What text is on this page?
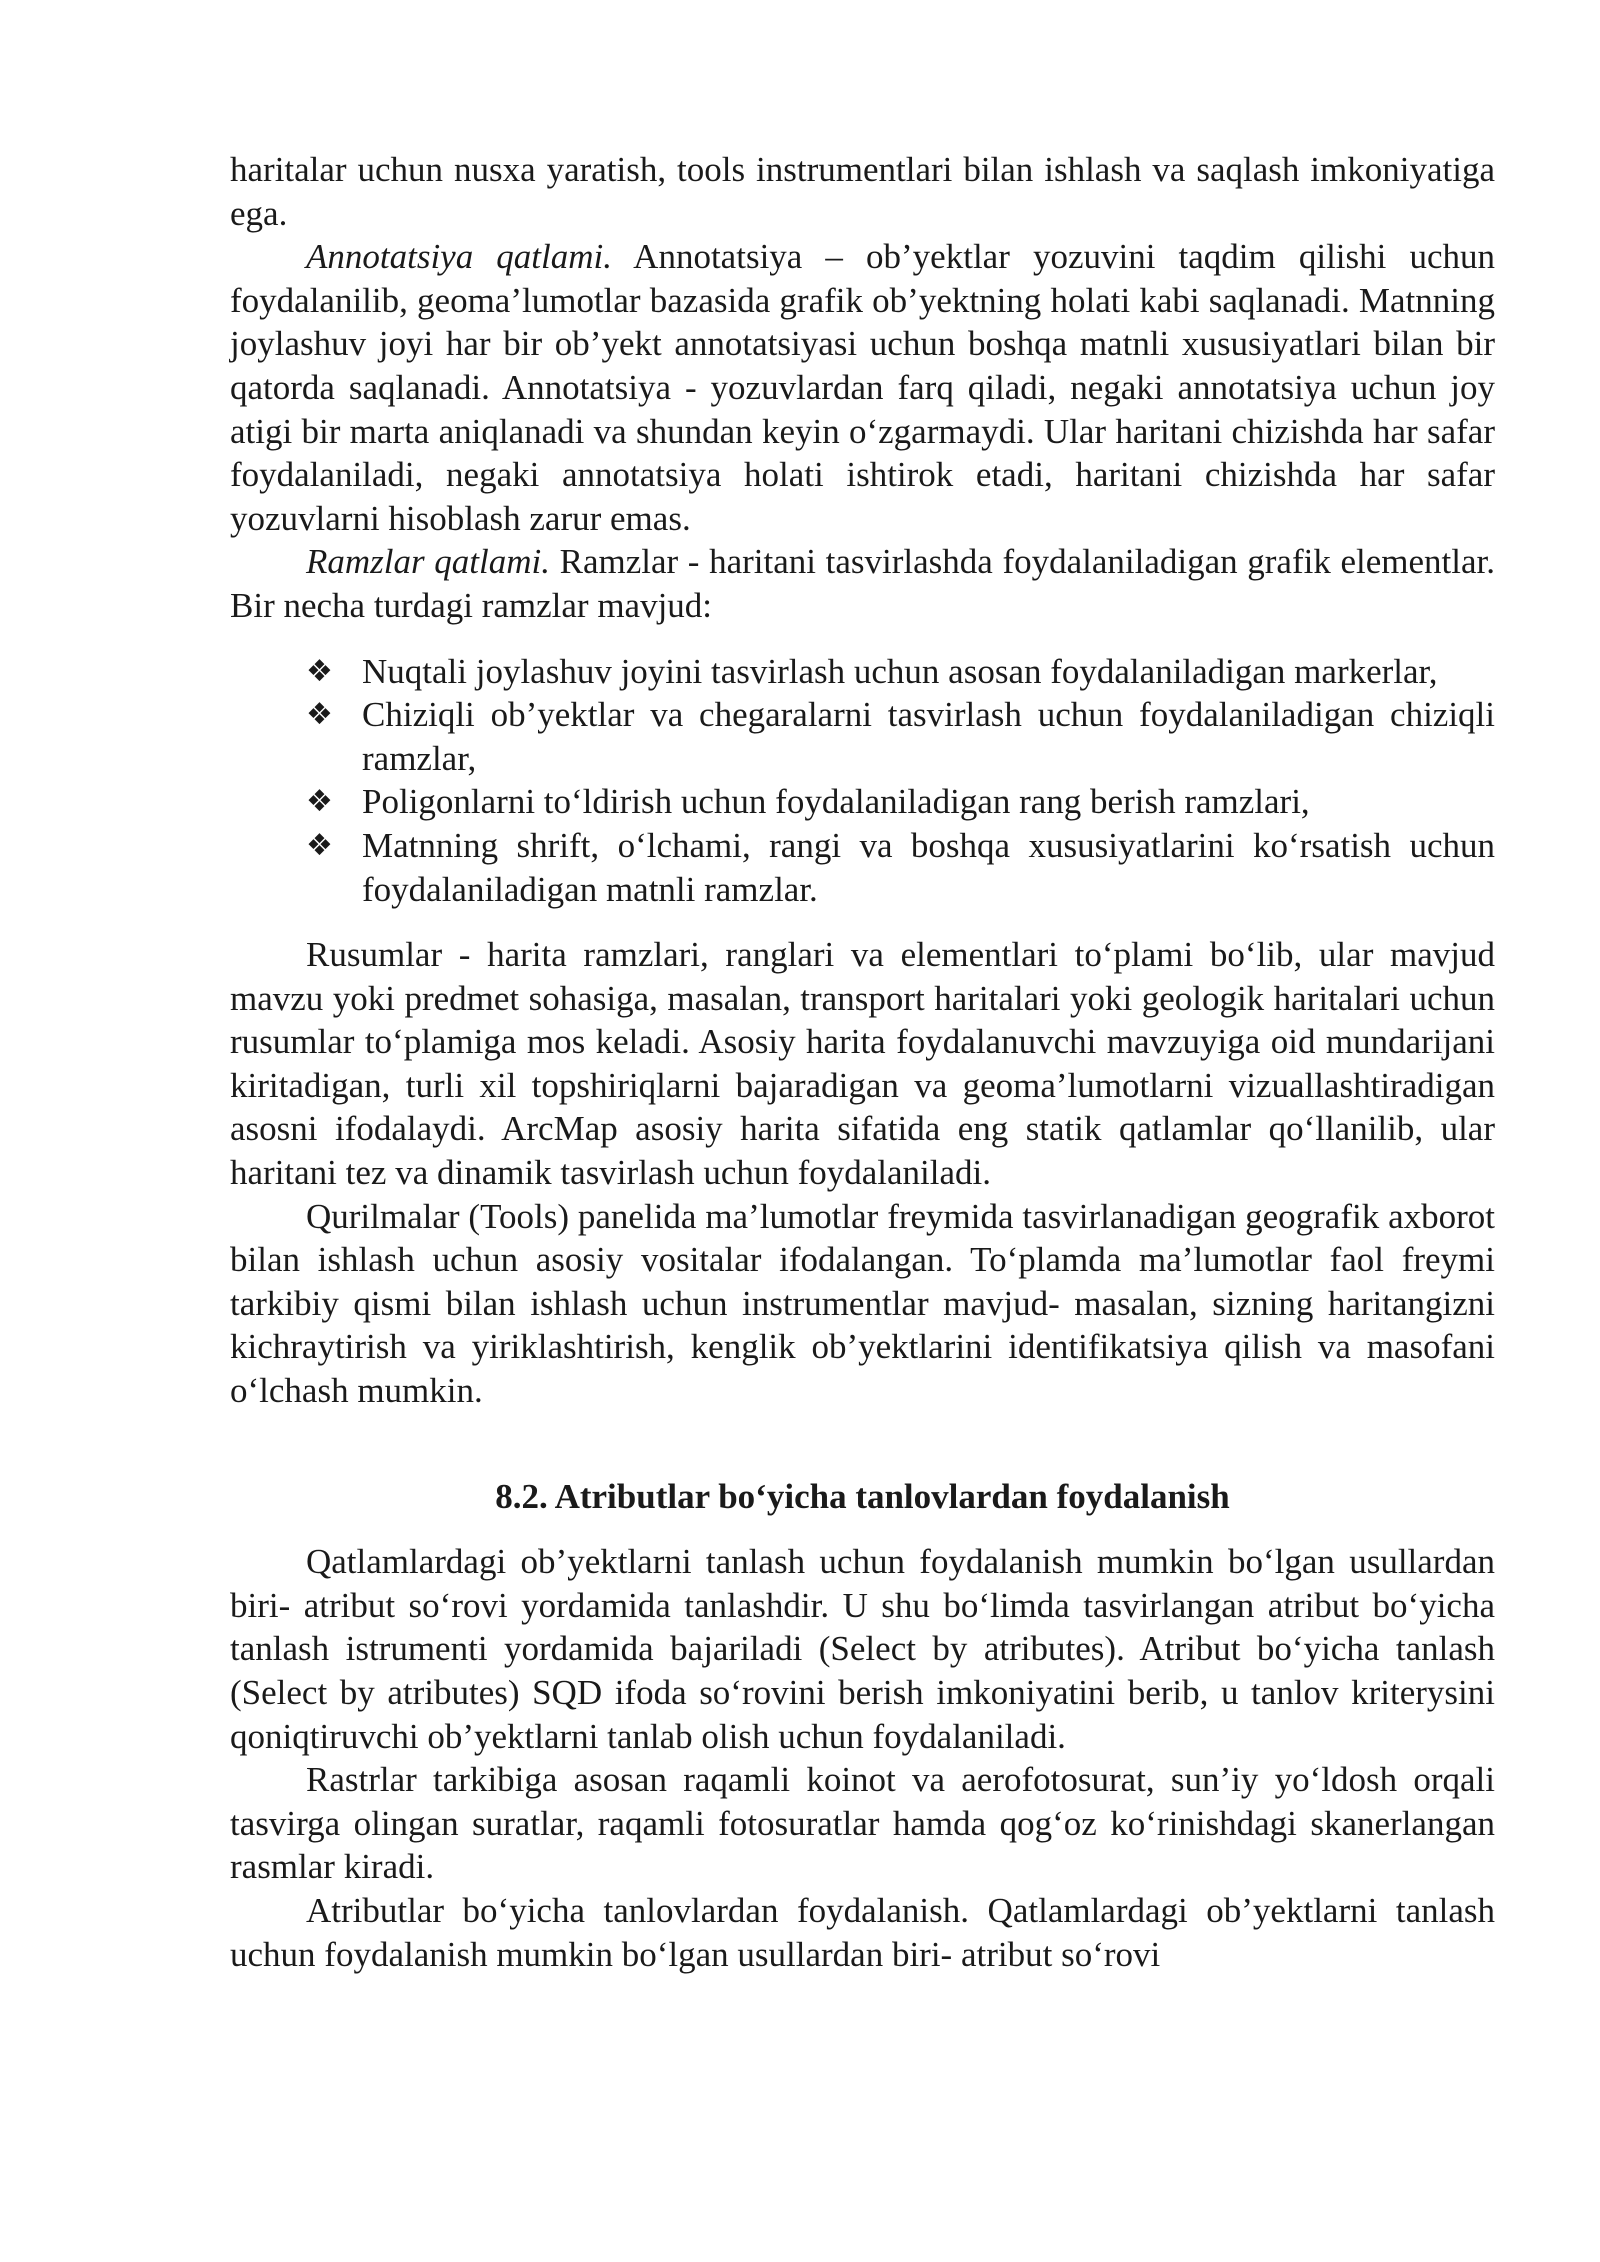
haritalar uchun nusxa yaratish, tools instrumentlari bilan ishlash va saqlash imkoniyatiga ega.

Annotatsiya qatlami. Annotatsiya – ob’yektlar yozuvini taqdim qilishi uchun foydalanilib, geoma’lumotlar bazasida grafik ob’yektning holati kabi saqlanadi. Matnning joylashuv joyi har bir ob’yekt annotatsiyasi uchun boshqa matnli xususiyatlari bilan bir qatorda saqlanadi. Annotatsiya - yozuvlardan farq qiladi, negaki annotatsiya uchun joy atigi bir marta aniqlanadi va shundan keyin o‘zgarmaydi. Ular haritani chizishda har safar foydalaniladi, negaki annotatsiya holati ishtirok etadi, haritani chizishda har safar yozuvlarni hisoblash zarur emas.

Ramzlar qatlami. Ramzlar - haritani tasvirlashda foydalaniladigan grafik elementlar. Bir necha turdagi ramzlar mavjud:

❖ Nuqtali joylashuv joyini tasvirlash uchun asosan foydalaniladigan markerlar,
❖ Chiziqli ob’yektlar va chegaralarni tasvirlash uchun foydalaniladigan chiziqli ramzlar,
❖ Poligonlarni to‘ldirish uchun foydalaniladigan rang berish ramzlari,
❖ Matnning shrift, o‘lchami, rangi va boshqa xususiyatlarini ko‘rsatish uchun foydalaniladigan matnli ramzlar.

Rusumlar - harita ramzlari, ranglari va elementlari to‘plami bo‘lib, ular mavjud mavzu yoki predmet sohasiga, masalan, transport haritalari yoki geologik haritalari uchun rusumlar to‘plamiga mos keladi. Asosiy harita foydalanuvchi mavzuyiga oid mundarijani kiritadigan, turli xil topshiriqlarni bajaradigan va geoma’lumotlarni vizuallashtiradigan asosni ifodalaydi. ArcMap asosiy harita sifatida eng statik qatlamlar qo‘llanilib, ular haritani tez va dinamik tasvirlash uchun foydalaniladi.

Qurilmalar (Tools) panelida ma’lumotlar freymida tasvirlanadigan geografik axborot bilan ishlash uchun asosiy vositalar ifodalangan. To‘plamda ma’lumotlar faol freymi tarkibiy qismi bilan ishlash uchun instrumentlar mavjud- masalan, sizning haritangizni kichraytirish va yiriklashtirish, kenglik ob’yektlarini identifikatsiya qilish va masofani o‘lchash mumkin.

8.2. Atributlar bo‘yicha tanlovlardan foydalanish

Qatlamlardagi ob’yektlarni tanlash uchun foydalanish mumkin bo‘lgan usullardan biri- atribut so‘rovi yordamida tanlashdir. U shu bo‘limda tasvirlangan atribut bo‘yicha tanlash istrumenti yordamida bajariladi (Select by atributes). Atribut bo‘yicha tanlash (Select by atributes) SQD ifoda so‘rovini berish imkoniyatini berib, u tanlov kriterysini qoniqtiruvchi ob’yektlarni tanlab olish uchun foydalaniladi.

Rastrlar tarkibiga asosan raqamli koinot va aerofotosurat, sun’iy yo‘ldosh orqali tasvirga olingan suratlar, raqamli fotosuratlar hamda qog‘oz ko‘rinishdagi skanerlangan rasmlar kiradi.

Atributlar bo‘yicha tanlovlardan foydalanish. Qatlamlardagi ob’yektlarni tanlash uchun foydalanish mumkin bo‘lgan usullardan biri- atribut so‘rovi
